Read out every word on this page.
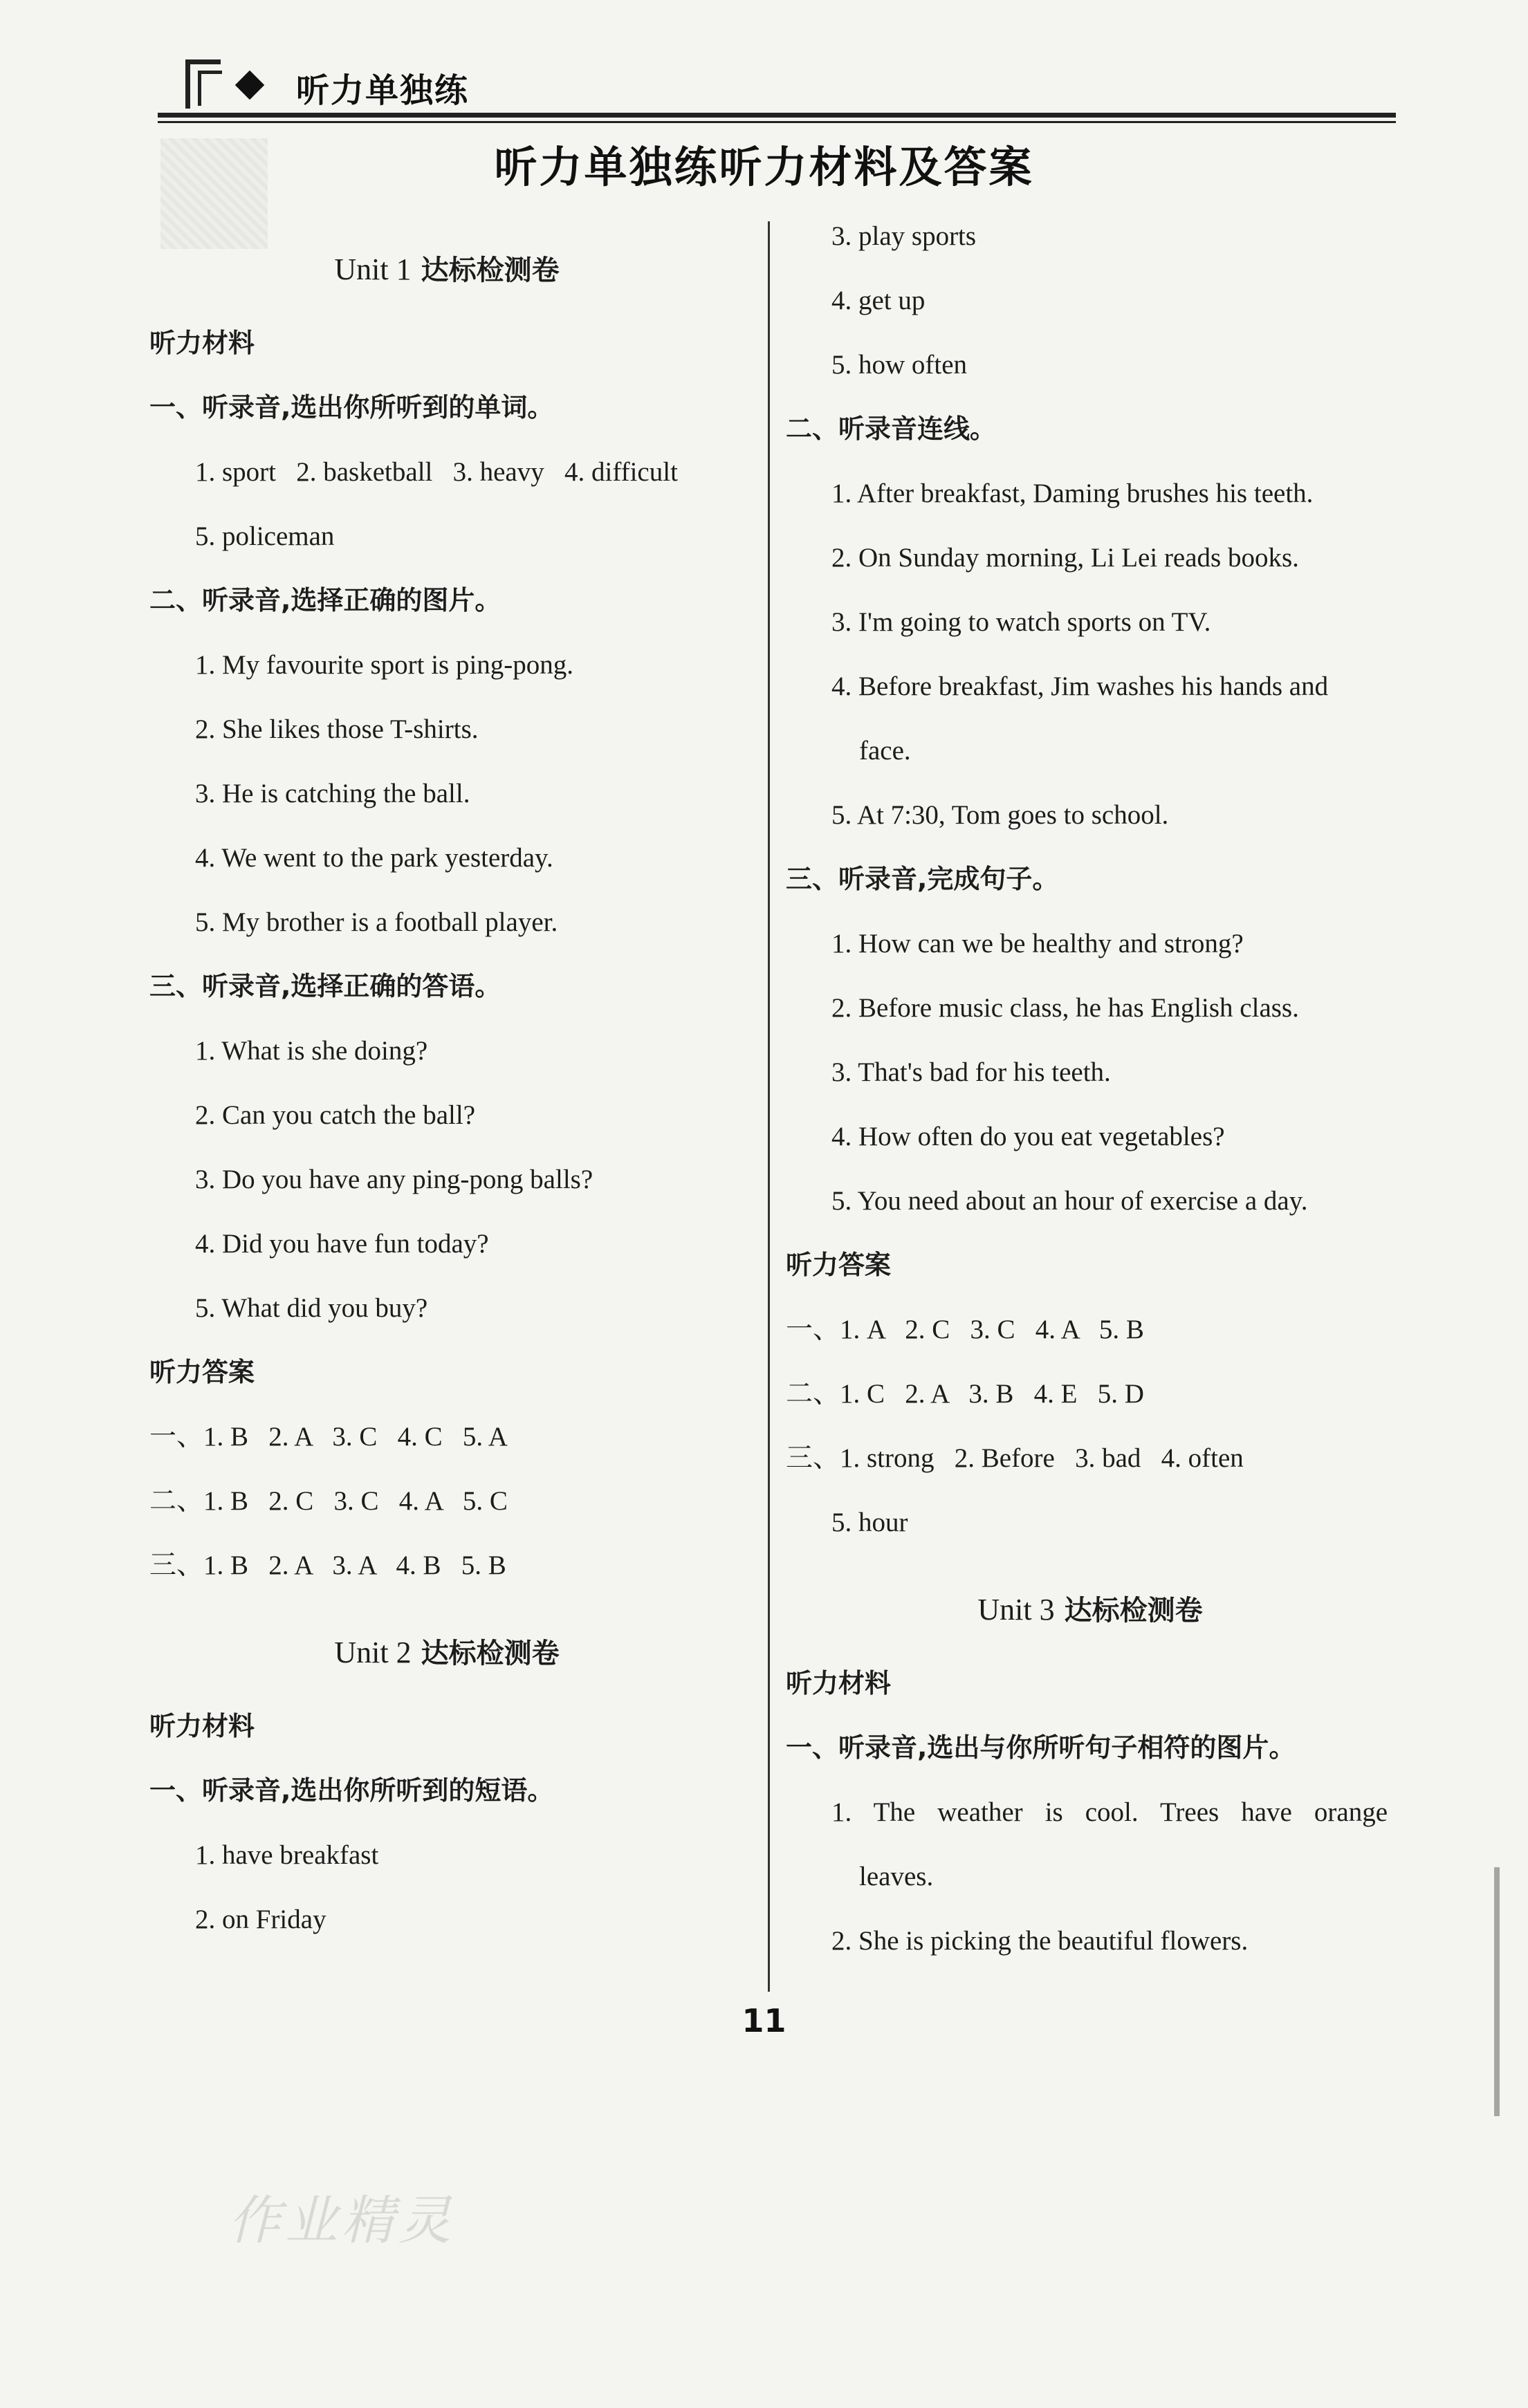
听力单独练
听力单独练听力材料及答案
Unit 1 达标检测卷
听力材料
一、听录音,选出你所听到的单词。
1. sport   2. basketball   3. heavy   4. difficult
5. policeman
二、听录音,选择正确的图片。
1. My favourite sport is ping-pong.
2. She likes those T-shirts.
3. He is catching the ball.
4. We went to the park yesterday.
5. My brother is a football player.
三、听录音,选择正确的答语。
1. What is she doing?
2. Can you catch the ball?
3. Do you have any ping-pong balls?
4. Did you have fun today?
5. What did you buy?
听力答案
一、1. B   2. A   3. C   4. C   5. A
二、1. B   2. C   3. C   4. A   5. C
三、1. B   2. A   3. A   4. B   5. B
Unit 2 达标检测卷
听力材料
一、听录音,选出你所听到的短语。
1. have breakfast
2. on Friday
3. play sports
4. get up
5. how often
二、听录音连线。
1. After breakfast, Daming brushes his teeth.
2. On Sunday morning, Li Lei reads books.
3. I'm going to watch sports on TV.
4. Before breakfast, Jim washes his hands and
face.
5. At 7:30, Tom goes to school.
三、听录音,完成句子。
1. How can we be healthy and strong?
2. Before music class, he has English class.
3. That's bad for his teeth.
4. How often do you eat vegetables?
5. You need about an hour of exercise a day.
听力答案
一、1. A   2. C   3. C   4. A   5. B
二、1. C   2. A   3. B   4. E   5. D
三、1. strong   2. Before   3. bad   4. often
5. hour
Unit 3 达标检测卷
听力材料
一、听录音,选出与你所听句子相符的图片。
1. The weather is cool. Trees have orange
leaves.
2. She is picking the beautiful flowers.
11
作业精灵
